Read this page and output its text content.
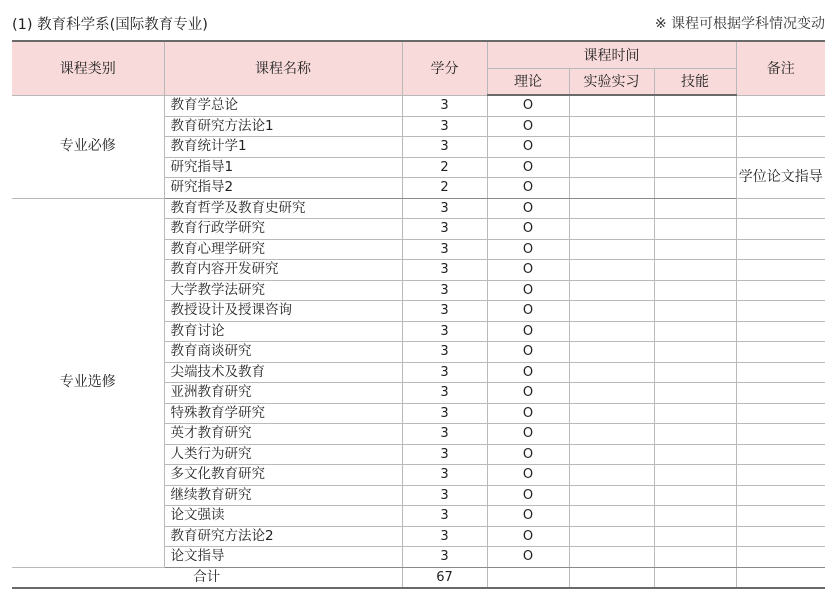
(1) 教育科学系(国际教育专业)	※ 课程可根据学科情况变动
课程类别	课程名称	学分	课程时间			备注
			理论	实验实习	技能	
专业必修	教育学总论	3	O			
	教育研究方法论1	3	O			
	教育统计学1	3	O			
	研究指导1	2	O			学位论文指导
	研究指导2	2	O			
专业选修	教育哲学及教育史研究	3	O			
	教育行政学研究	3	O			
	教育心理学研究	3	O			
	教育内容开发研究	3	O			
	大学教学法研究	3	O			
	教授设计及授课咨询	3	O			
	教育讨论	3	O			
	教育商谈研究	3	O			
	尖端技术及教育	3	O			
	亚洲教育研究	3	O			
	特殊教育学研究	3	O			
	英才教育研究	3	O			
	人类行为研究	3	O			
	多文化教育研究	3	O			
	继续教育研究	3	O			
	论文强读	3	O			
	教育研究方法论2	3	O			
	论文指导	3	O			
合计		67				
